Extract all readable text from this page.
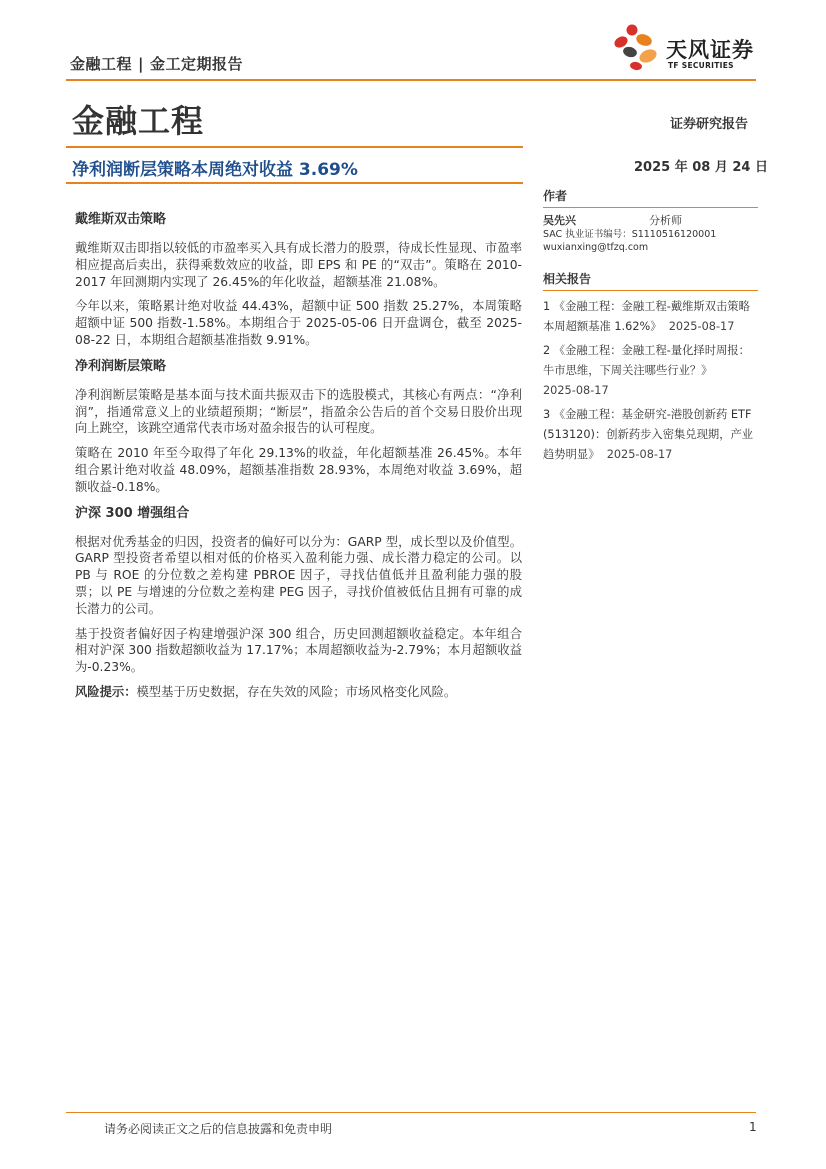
金融工程 | 金工定期报告
天风证券
TF SECURITIES
金融工程	证券研究报告
净利润断层策略本周绝对收益 3.69%	2025 年 08 月 24 日
戴维斯双击策略

戴维斯双击即指以较低的市盈率买入具有成长潜力的股票，待成长性显现、市盈率相应提高后卖出，获得乘数效应的收益，即 EPS 和 PE 的“双击”。策略在 2010-2017 年回测期内实现了 26.45%的年化收益，超额基准 21.08%。

今年以来，策略累计绝对收益 44.43%，超额中证 500 指数 25.27%，本周策略超额中证 500 指数-1.58%。本期组合于 2025-05-06 日开盘调仓，截至 2025-08-22 日，本期组合超额基准指数 9.91%。

净利润断层策略

净利润断层策略是基本面与技术面共振双击下的选股模式，其核心有两点：“净利润”，指通常意义上的业绩超预期；“断层”，指盈余公告后的首个交易日股价出现向上跳空，该跳空通常代表市场对盈余报告的认可程度。

策略在 2010 年至今取得了年化 29.13%的收益，年化超额基准 26.45%。本年组合累计绝对收益 48.09%，超额基准指数 28.93%，本周绝对收益 3.69%，超额收益-0.18%。

沪深 300 增强组合

根据对优秀基金的归因，投资者的偏好可以分为：GARP 型，成长型以及价值型。GARP 型投资者希望以相对低的价格买入盈利能力强、成长潜力稳定的公司。以 PB 与 ROE 的分位数之差构建 PBROE 因子，寻找估值低并且盈利能力强的股票；以 PE 与增速的分位数之差构建 PEG 因子，寻找价值被低估且拥有可靠的成长潜力的公司。

基于投资者偏好因子构建增强沪深 300 组合，历史回测超额收益稳定。本年组合相对沪深 300 指数超额收益为 17.17%；本周超额收益为-2.79%；本月超额收益为-0.23%。

风险提示：模型基于历史数据，存在失效的风险；市场风格变化风险。

作者
吴先兴	分析师
SAC 执业证书编号：S1110516120001
wuxianxing@tfzq.com
相关报告
1 《金融工程：金融工程-戴维斯双击策略本周超额基准 1.62%》 2025-08-17
2 《金融工程：金融工程-量化择时周报：牛市思维，下周关注哪些行业？》
2025-08-17
3 《金融工程：基金研究-港股创新药 ETF (513120)：创新药步入密集兑现期，产业趋势明显》 2025-08-17
请务必阅读正文之后的信息披露和免责申明	1
